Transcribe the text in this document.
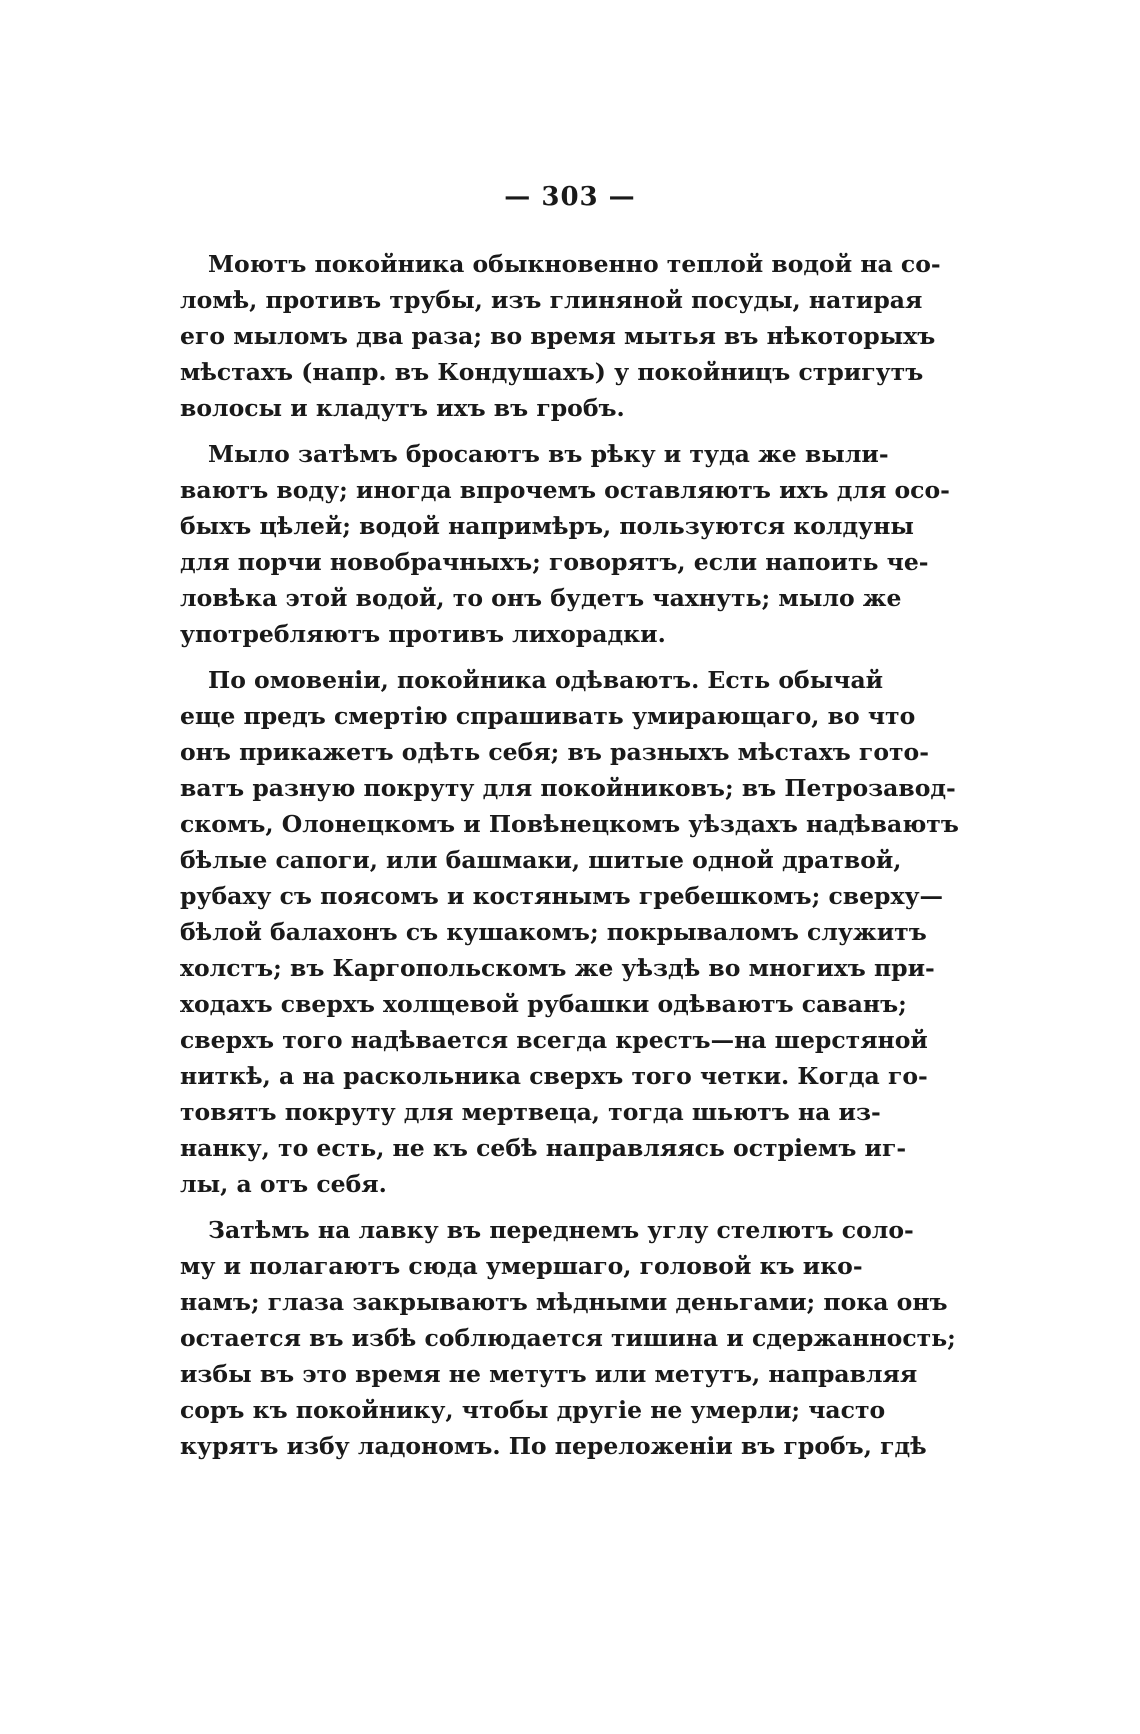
— 303 —
Моютъ покойника обыкновенно теплой водой на со-
ломѣ, противъ трубы, изъ глиняной посуды, натирая
его мыломъ два раза; во время мытья въ нѣкоторыхъ
мѣстахъ (напр. въ Кондушахъ) у покойницъ стригутъ
волосы и кладутъ ихъ въ гробъ.
Мыло затѣмъ бросаютъ въ рѣку и туда же выли-
ваютъ воду; иногда впрочемъ оставляютъ ихъ для осо-
быхъ цѣлей; водой напримѣръ, пользуются колдуны
для порчи новобрачныхъ; говорятъ, если напоить че-
ловѣка этой водой, то онъ будетъ чахнуть; мыло же
употребляютъ противъ лихорадки.
По омовеніи, покойника одѣваютъ. Есть обычай
еще предъ смертію спрашивать умирающаго, во что
онъ прикажетъ одѣть себя; въ разныхъ мѣстахъ гото-
ватъ разную покруту для покойниковъ; въ Петрозавод-
скомъ, Олонецкомъ и Повѣнецкомъ уѣздахъ надѣваютъ
бѣлые сапоги, или башмаки, шитые одной дратвой,
рубаху съ поясомъ и костянымъ гребешкомъ; сверху—
бѣлой балахонъ съ кушакомъ; покрываломъ служитъ
холстъ; въ Каргопольскомъ же уѣздѣ во многихъ при-
ходахъ сверхъ холщевой рубашки одѣваютъ саванъ;
сверхъ того надѣвается всегда крестъ—на шерстяной
ниткѣ, а на раскольника сверхъ того четки. Когда го-
товятъ покруту для мертвеца, тогда шьютъ на из-
нанку, то есть, не къ себѣ направляясь остріемъ иг-
лы, а отъ себя.
Затѣмъ на лавку въ переднемъ углу стелютъ соло-
му и полагаютъ сюда умершаго, головой къ ико-
намъ; глаза закрываютъ мѣдными деньгами; пока онъ
остается въ избѣ соблюдается тишина и сдержанность;
избы въ это время не метутъ или метутъ, направляя
соръ къ покойнику, чтобы другіе не умерли; часто
курятъ избу ладономъ. По переложеніи въ гробъ, гдѣ
